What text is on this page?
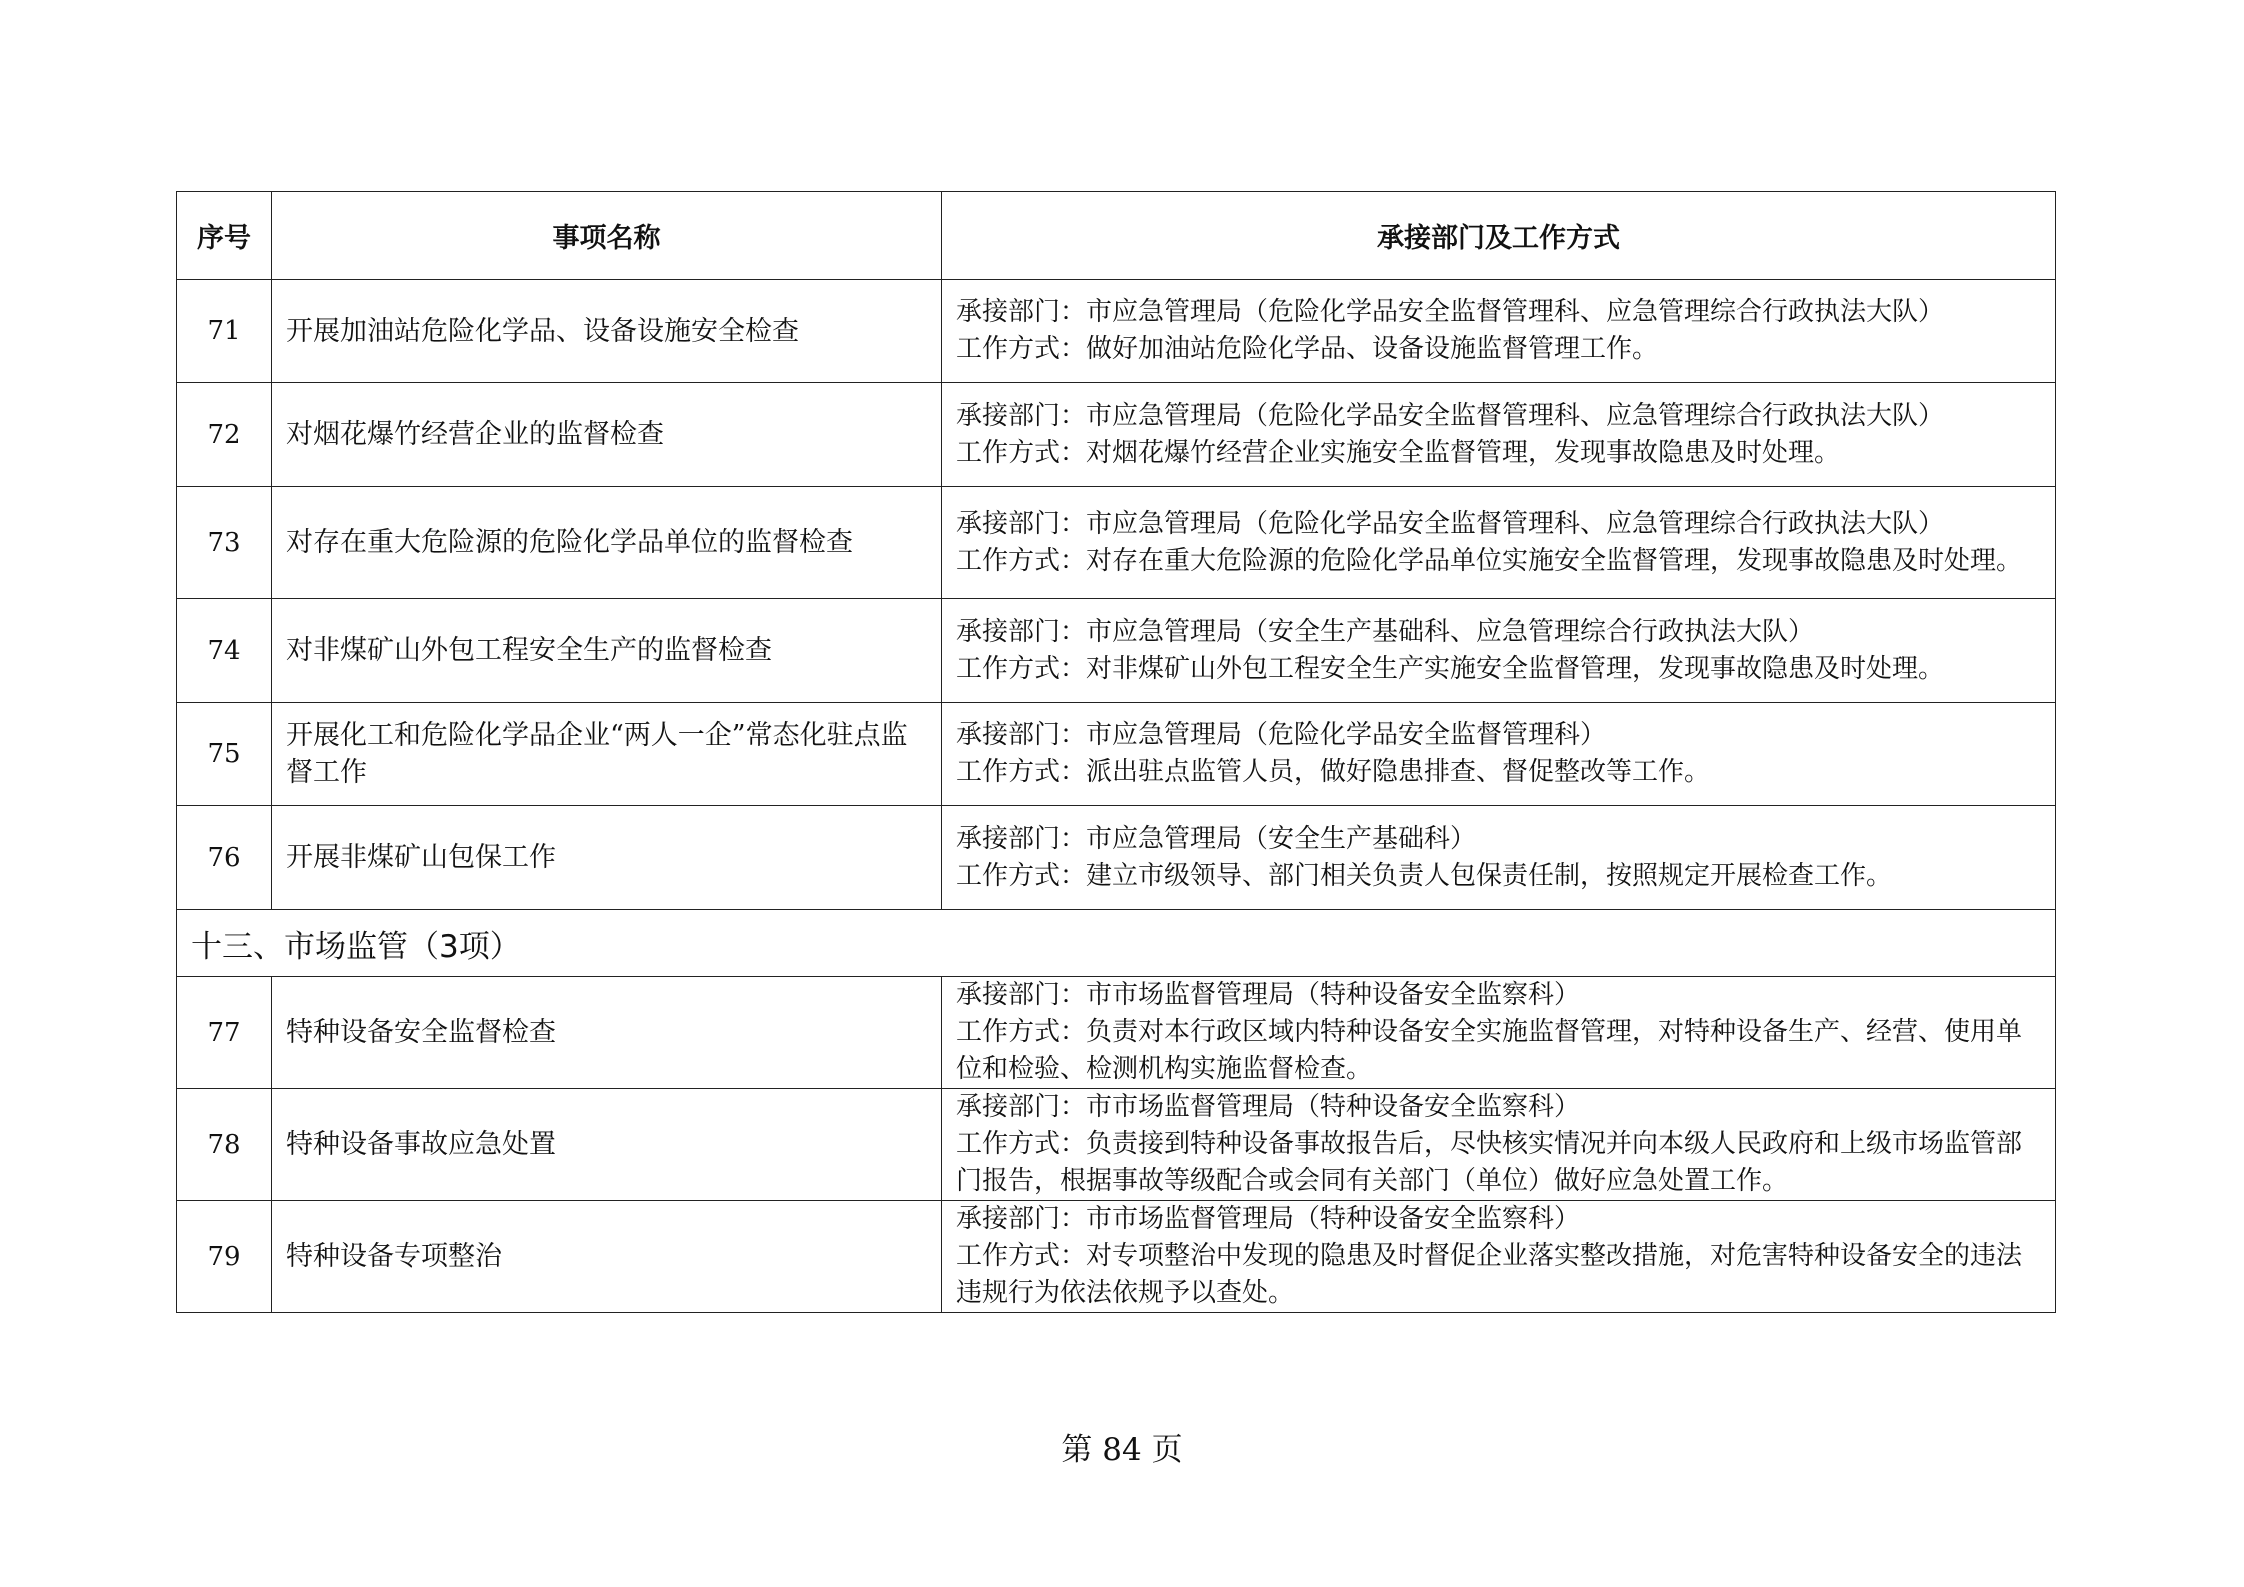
序号	事项名称	承接部门及工作方式
71	开展加油站危险化学品、设备设施安全检查	承接部门：市应急管理局（危险化学品安全监督管理科、应急管理综合行政执法大队）
工作方式：做好加油站危险化学品、设备设施监督管理工作。

72	对烟花爆竹经营企业的监督检查	承接部门：市应急管理局（危险化学品安全监督管理科、应急管理综合行政执法大队）
工作方式：对烟花爆竹经营企业实施安全监督管理，发现事故隐患及时处理。

73	对存在重大危险源的危险化学品单位的监督检查	承接部门：市应急管理局（危险化学品安全监督管理科、应急管理综合行政执法大队）
工作方式：对存在重大危险源的危险化学品单位实施安全监督管理，发现事故隐患及时处理。

74	对非煤矿山外包工程安全生产的监督检查	承接部门：市应急管理局（安全生产基础科、应急管理综合行政执法大队）
工作方式：对非煤矿山外包工程安全生产实施安全监督管理，发现事故隐患及时处理。

75	开展化工和危险化学品企业“两人一企”常态化驻点监督工作	承接部门：市应急管理局（危险化学品安全监督管理科）
工作方式：派出驻点监管人员，做好隐患排查、督促整改等工作。

76	开展非煤矿山包保工作	承接部门：市应急管理局（安全生产基础科）
工作方式：建立市级领导、部门相关负责人包保责任制，按照规定开展检查工作。

十三、市场监管（3项）		
77	特种设备安全监督检查	承接部门：市市场监督管理局（特种设备安全监察科）
工作方式：负责对本行政区域内特种设备安全实施监督管理，对特种设备生产、经营、使用单位和检验、检测机构实施监督检查。

78	特种设备事故应急处置	承接部门：市市场监督管理局（特种设备安全监察科）
工作方式：负责接到特种设备事故报告后，尽快核实情况并向本级人民政府和上级市场监管部门报告，根据事故等级配合或会同有关部门（单位）做好应急处置工作。

79	特种设备专项整治	承接部门：市市场监督管理局（特种设备安全监察科）
工作方式：对专项整治中发现的隐患及时督促企业落实整改措施，对危害特种设备安全的违法违规行为依法依规予以查处。
第 84 页
